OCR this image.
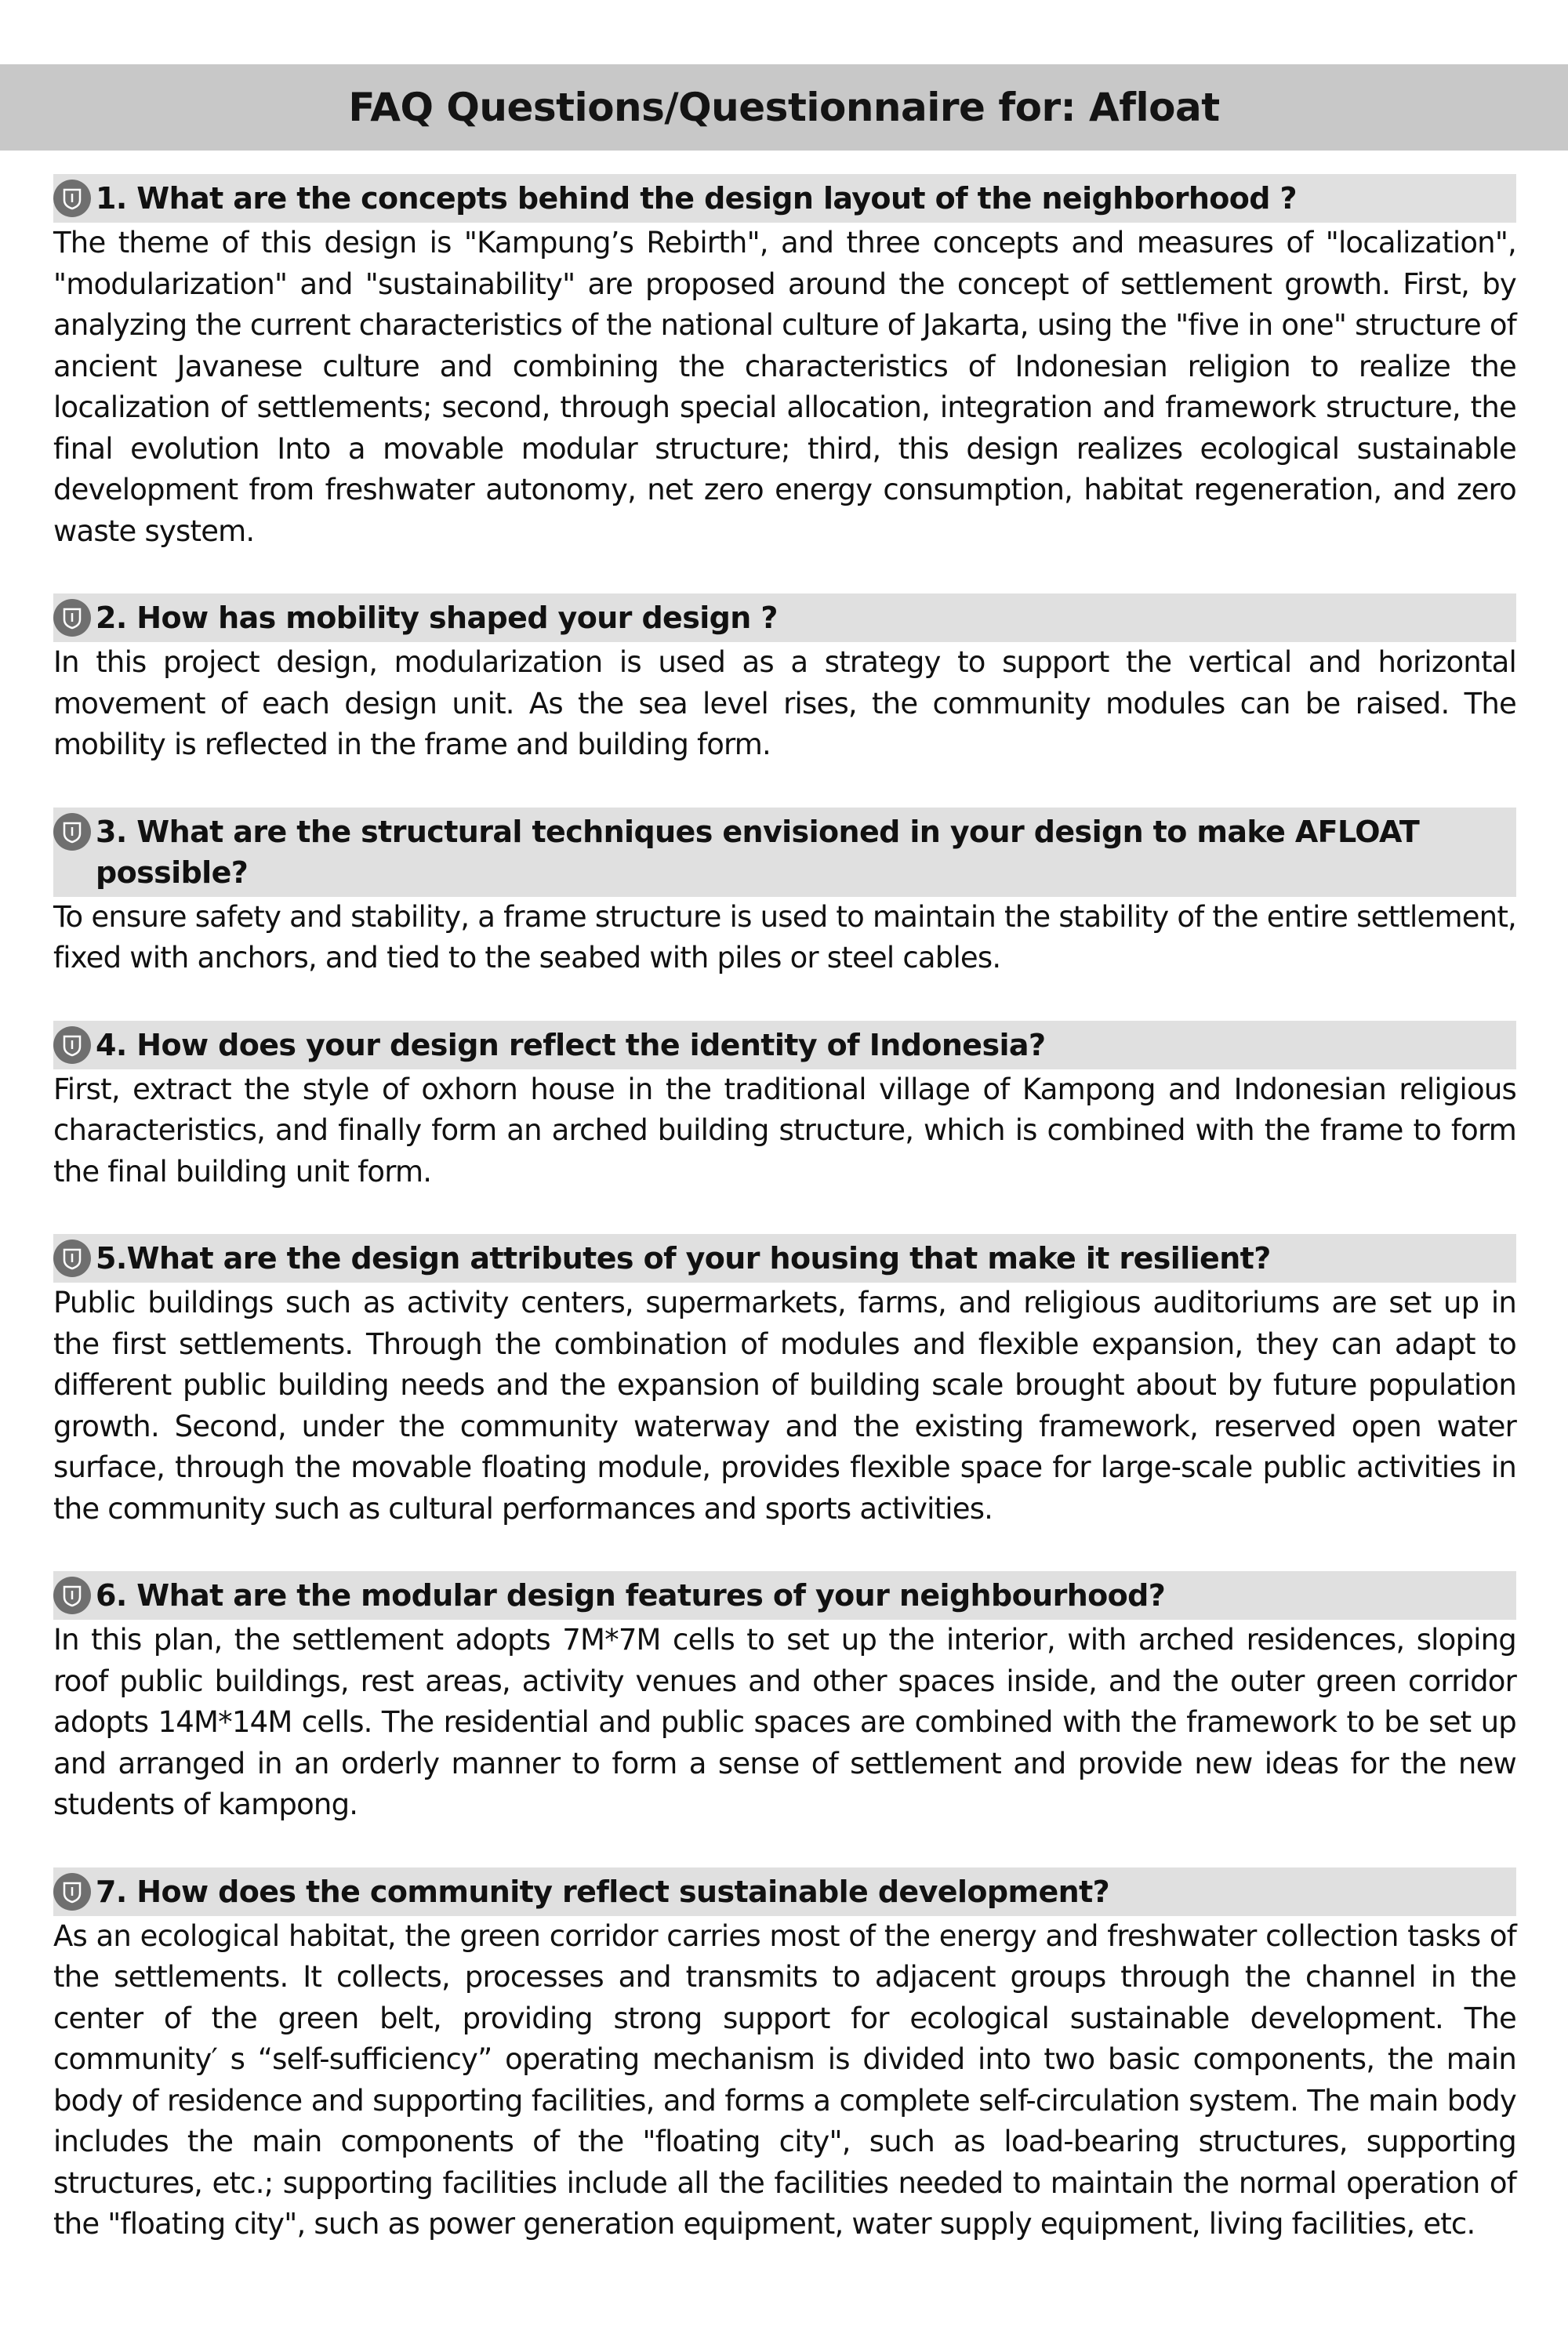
FAQ Questions/Questionnaire for: Afloat
1. What are the concepts behind the design layout of the neighborhood ?

The theme of this design is "Kampung’s Rebirth", and three concepts and measures of "localization", "modularization" and "sustainability" are proposed around the concept of settlement growth. First, by analyzing the current characteristics of the national culture of Jakarta, using the "five in one" structure of ancient Javanese culture and combining the characteristics of Indonesian religion to realize the localization of settlements; second, through special allocation, integration and framework structure, the final evolution Into a movable modular structure; third, this design realizes ecological sustainable development from freshwater autonomy, net zero energy consumption, habitat regeneration, and zero waste system.

2. How has mobility shaped your design ?

In this project design, modularization is used as a strategy to support the vertical and horizontal movement of each design unit. As the sea level rises, the community modules can be raised. The mobility is reflected in the frame and building form.

3. What are the structural techniques envisioned in your design to make AFLOAT possible?

To ensure safety and stability, a frame structure is used to maintain the stability of the entire settlement, fixed with anchors, and tied to the seabed with piles or steel cables.

4. How does your design reflect the identity of Indonesia?

First, extract the style of oxhorn house in the traditional village of Kampong and Indonesian religious characteristics, and finally form an arched building structure, which is combined with the frame to form the final building unit form.

5.What are the design attributes of your housing that make it resilient?

Public buildings such as activity centers, supermarkets, farms, and religious auditoriums are set up in the first settlements. Through the combination of modules and flexible expansion, they can adapt to different public building needs and the expansion of building scale brought about by future population growth. Second, under the community waterway and the existing framework, reserved open water surface, through the movable floating module, provides flexible space for large-scale public activities in the community such as cultural performances and sports activities.

6. What are the modular design features of your neighbourhood?

In this plan, the settlement adopts 7M*7M cells to set up the interior, with arched residences, sloping roof public buildings, rest areas, activity venues and other spaces inside, and the outer green corridor adopts 14M*14M cells. The residential and public spaces are combined with the framework to be set up and arranged in an orderly manner to form a sense of settlement and provide new ideas for the new students of kampong.

7. How does the community reflect sustainable development?

As an ecological habitat, the green corridor carries most of the energy and freshwater collection tasks of the settlements. It collects, processes and transmits to adjacent groups through the channel in the center of the green belt, providing strong support for ecological sustainable development. The community′ s “self-sufficiency” operating mechanism is divided into two basic components, the main body of residence and supporting facilities, and forms a complete self-circulation system. The main body includes the main components of the "floating city", such as load-bearing structures, supporting structures, etc.; supporting facilities include all the facilities needed to maintain the normal operation of the "floating city", such as power generation equipment, water supply equipment, living facilities, etc.
